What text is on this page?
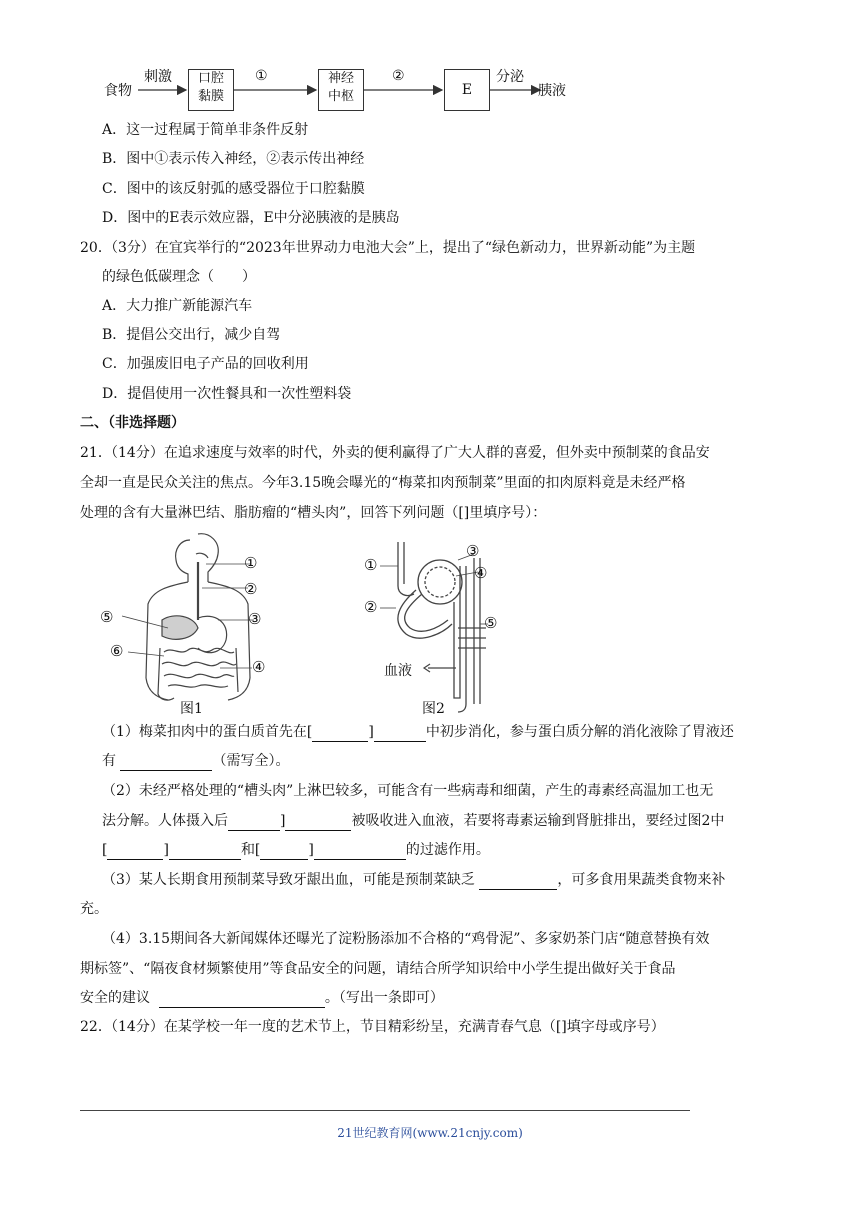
食物
刺激	口腔
黏膜
①	神经
中枢
②
E
分泌
胰液
A．这一过程属于简单非条件反射
B．图中①表示传入神经，②表示传出神经
C．图中的该反射弧的感受器位于口腔黏膜
D．图中的E表示效应器，E中分泌胰液的是胰岛
20．
（3分）在宜宾举行的“2023年世界动力电池大会”上，提出了“绿色新动力，世界新动能”为主题
的绿色低碳理念（　　）
A．大力推广新能源汽车
B．提倡公交出行，减少自驾
C．加强废旧电子产品的回收利用
D．提倡使用一次性餐具和一次性塑料袋
二、（非选择题）
21．
（14分）在追求速度与效率的时代，外卖的便利赢得了广大人群的喜爱，但外卖中预制菜的食品安
全却一直是民众关注的焦点。今年3.15晚会曝光的“梅菜扣肉预制菜”里面的扣肉原料竟是未经严格
处理的含有大量淋巴结、脂肪瘤的“槽头肉”，回答下列问题（[]里填序号）：
①
②
③
④
⑤
⑥
图1
①
②
③
④
⑤
血液
图2
（1）梅菜扣肉中的蛋白质首先在[	]	中初步消化，参与蛋白质分解的消化液除了胃液还
有	（需写全）。
（2）未经严格处理的“槽头肉”上淋巴较多，可能含有一些病毒和细菌，产生的毒素经高温加工也无
法分解。人体摄入后	]	被吸收进入血液，若要将毒素运输到肾脏排出，要经过图2中
[	]	和[	]	的过滤作用。
（3）某人长期食用预制菜导致牙龈出血，可能是预制菜缺乏	，可多食用果蔬类食物来补
充。
（4）3.15期间各大新闻媒体还曝光了淀粉肠添加不合格的“鸡骨泥”、多家奶茶门店“随意替换有效
期标签”、“隔夜食材频繁使用”等食品安全的问题，请结合所学知识给中小学生提出做好关于食品
安全的建议	。（写出一条即可）
22．
（14分）在某学校一年一度的艺术节上，节目精彩纷呈，充满青春气息（[]填字母或序号）
21世纪教育网(www.21cnjy.com)
